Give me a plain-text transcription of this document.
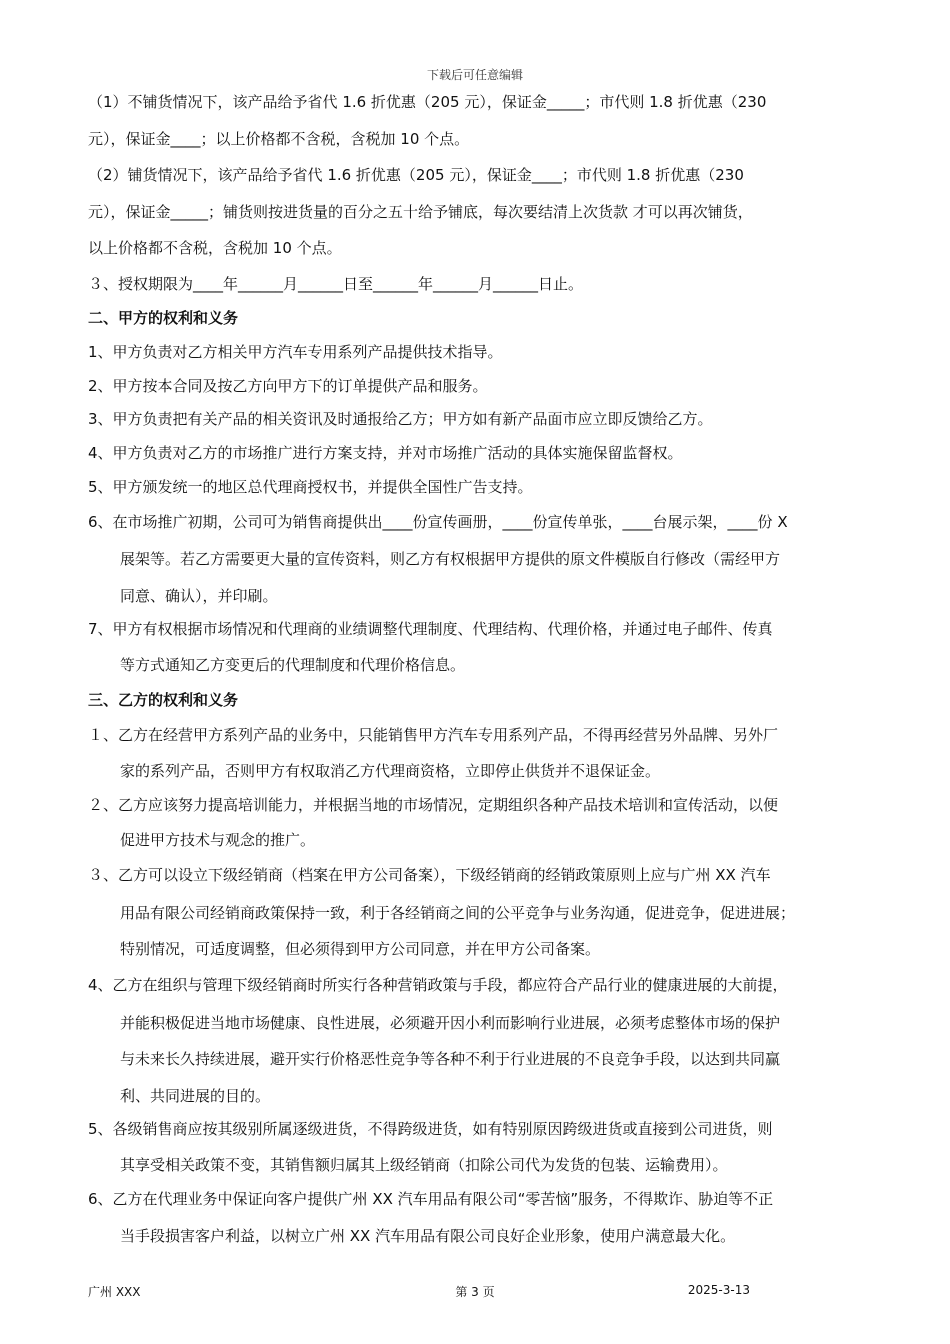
下载后可任意编辑
（1）不铺货情况下，该产品给予省代 1.6 折优惠（205 元），保证金_____；市代则 1.8 折优惠（230
元），保证金____；以上价格都不含税，含税加 10 个点。
（2）铺货情况下，该产品给予省代 1.6 折优惠（205 元），保证金____；市代则 1.8 折优惠（230
元），保证金_____；铺货则按进货量的百分之五十给予铺底，每次要结清上次货款 才可以再次铺货，
以上价格都不含税，含税加 10 个点。
３、授权期限为____年______月______日至______年______月______日止。
二、甲方的权利和义务
1、甲方负责对乙方相关甲方汽车专用系列产品提供技术指导。
2、甲方按本合同及按乙方向甲方下的订单提供产品和服务。
3、甲方负责把有关产品的相关资讯及时通报给乙方；甲方如有新产品面市应立即反馈给乙方。
4、甲方负责对乙方的市场推广进行方案支持，并对市场推广活动的具体实施保留监督权。
5、甲方颁发统一的地区总代理商授权书，并提供全国性广告支持。
6、在市场推广初期，公司可为销售商提供出____份宣传画册，____份宣传单张，____台展示架，____份 X
展架等。若乙方需要更大量的宣传资料，则乙方有权根据甲方提供的原文件模版自行修改（需经甲方
同意、确认），并印刷。
7、甲方有权根据市场情况和代理商的业绩调整代理制度、代理结构、代理价格，并通过电子邮件、传真
等方式通知乙方变更后的代理制度和代理价格信息。
三、乙方的权利和义务
１、乙方在经营甲方系列产品的业务中，只能销售甲方汽车专用系列产品，不得再经营另外品牌、另外厂
家的系列产品，否则甲方有权取消乙方代理商资格，立即停止供货并不退保证金。
２、乙方应该努力提高培训能力，并根据当地的市场情况，定期组织各种产品技术培训和宣传活动，以便
促进甲方技术与观念的推广。
３、乙方可以设立下级经销商（档案在甲方公司备案），下级经销商的经销政策原则上应与广州 XX 汽车
用品有限公司经销商政策保持一致，利于各经销商之间的公平竞争与业务沟通，促进竞争，促进进展；
特别情况，可适度调整，但必须得到甲方公司同意，并在甲方公司备案。
4、乙方在组织与管理下级经销商时所实行各种营销政策与手段，都应符合产品行业的健康进展的大前提，
并能积极促进当地市场健康、良性进展，必须避开因小利而影响行业进展，必须考虑整体市场的保护
与未来长久持续进展，避开实行价格恶性竞争等各种不利于行业进展的不良竞争手段，以达到共同赢
利、共同进展的目的。
5、各级销售商应按其级别所属逐级进货，不得跨级进货，如有特别原因跨级进货或直接到公司进货，则
其享受相关政策不变，其销售额归属其上级经销商（扣除公司代为发货的包装、运输费用）。
6、乙方在代理业务中保证向客户提供广州 XX 汽车用品有限公司“零苦恼”服务，不得欺诈、胁迫等不正
当手段损害客户利益，以树立广州 XX 汽车用品有限公司良好企业形象，使用户满意最大化。
广州 XXX	第 3 页	2025-3-13
